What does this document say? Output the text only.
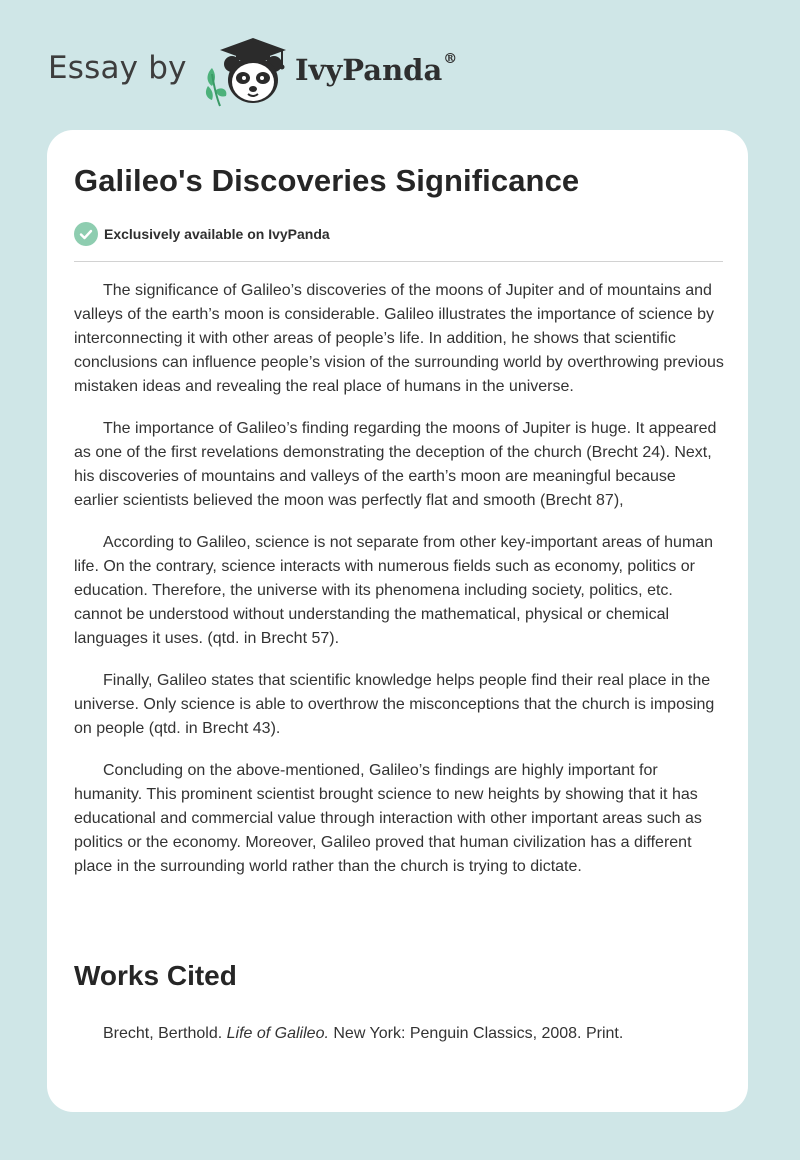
Essay by	IvyPanda®
Galileo's Discoveries Significance
Exclusively available on IvyPanda

The significance of Galileo’s discoveries of the moons of Jupiter and of mountains and valleys of the earth’s moon is considerable. Galileo illustrates the importance of science by interconnecting it with other areas of people’s life. In addition, he shows that scientific conclusions can influence people’s vision of the surrounding world by overthrowing previous mistaken ideas and revealing the real place of humans in the universe.

The importance of Galileo’s finding regarding the moons of Jupiter is huge. It appeared as one of the first revelations demonstrating the deception of the church (Brecht 24). Next, his discoveries of mountains and valleys of the earth’s moon are meaningful because earlier scientists believed the moon was perfectly flat and smooth (Brecht 87),

According to Galileo, science is not separate from other key-important areas of human life. On the contrary, science interacts with numerous fields such as economy, politics or education. Therefore, the universe with its phenomena including society, politics, etc. cannot be understood without understanding the mathematical, physical or chemical languages it uses. (qtd. in Brecht 57).

Finally, Galileo states that scientific knowledge helps people find their real place in the universe. Only science is able to overthrow the misconceptions that the church is imposing on people (qtd. in Brecht 43).

Concluding on the above-mentioned, Galileo’s findings are highly important for humanity. This prominent scientist brought science to new heights by showing that it has educational and commercial value through interaction with other important areas such as politics or the economy. Moreover, Galileo proved that human civilization has a different place in the surrounding world rather than the church is trying to dictate.

Works Cited

Brecht, Berthold. Life of Galileo. New York: Penguin Classics, 2008. Print.
